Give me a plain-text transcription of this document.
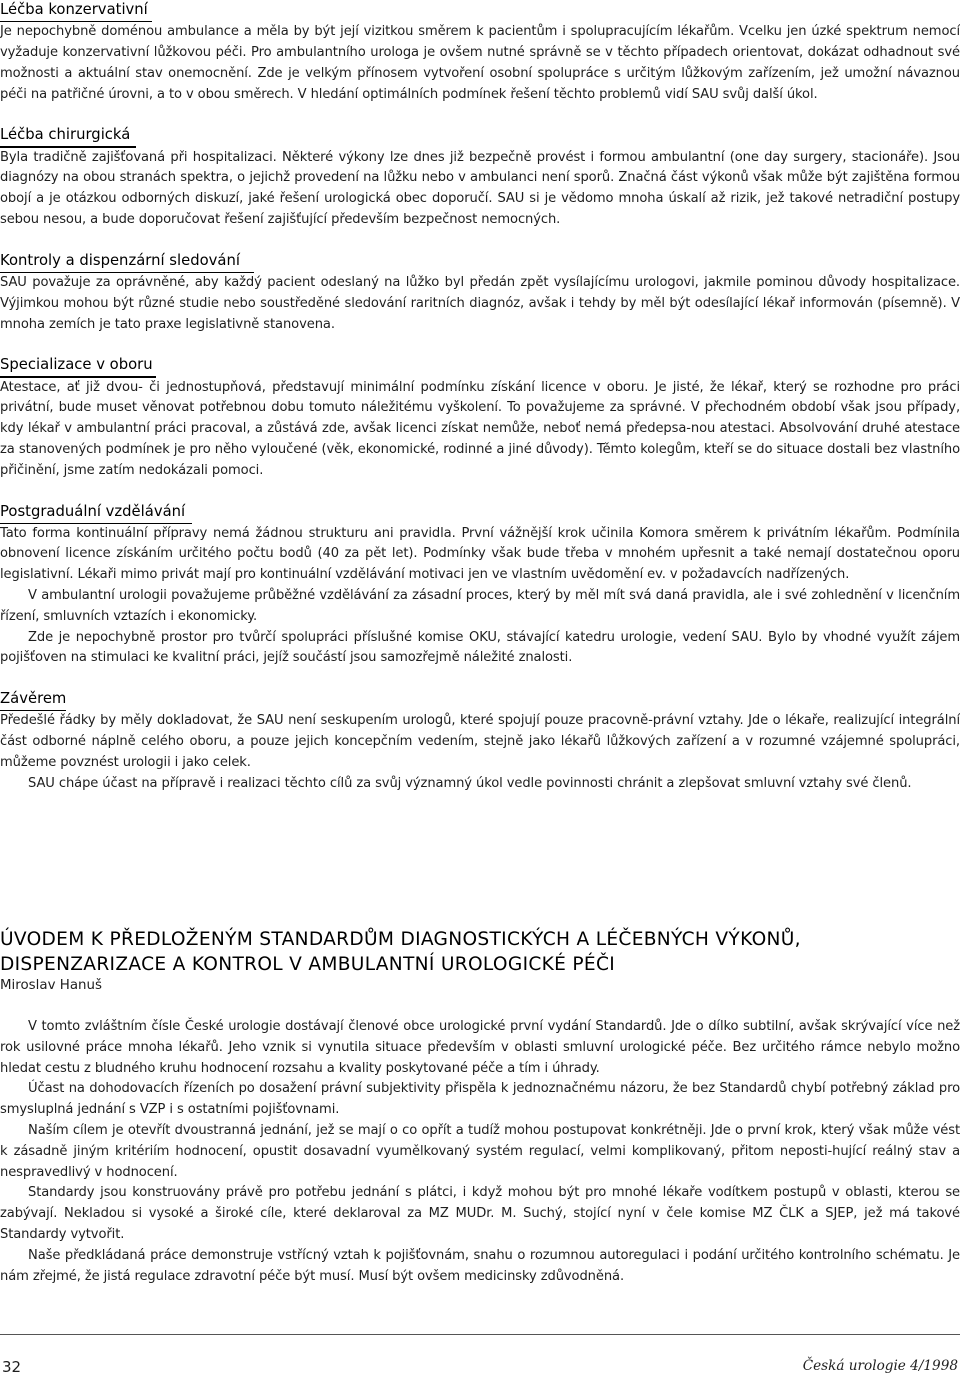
Léčba konzervativní

Je nepochybně doménou ambulance a měla by být její vizitkou směrem k pacientům i spolupracujícím lékařům. Vcelku jen úzké spektrum nemocí vyžaduje konzervativní lůžkovou péči. Pro ambulantního urologa je ovšem nutné správně se v těchto případech orientovat, dokázat odhadnout své možnosti a aktuální stav onemocnění. Zde je velkým přínosem vytvoření osobní spolupráce s určitým lůžkovým zařízením, jež umožní návaznou péči na patřičné úrovni, a to v obou směrech. V hledání optimálních podmínek řešení těchto problemů vidí SAU svůj další úkol.

Léčba chirurgická

Byla tradičně zajišťovaná při hospitalizaci. Některé výkony lze dnes již bezpečně provést i formou ambulantní (one day surgery, stacionáře). Jsou diagnózy na obou stranách spektra, o jejichž provedení na lůžku nebo v ambulanci není sporů. Značná část výkonů však může být zajištěna formou obojí a je otázkou odborných diskuzí, jaké řešení urologická obec doporučí. SAU si je vědomo mnoha úskalí až rizik, jež takové netradiční postupy sebou nesou, a bude doporučovat řešení zajišťující především bezpečnost nemocných.

Kontroly a dispenzární sledování

SAU považuje za oprávněné, aby každý pacient odeslaný na lůžko byl předán zpět vysílajícímu urologovi, jakmile pominou důvody hospitalizace. Výjimkou mohou být různé studie nebo soustředěné sledování raritních diagnóz, avšak i tehdy by měl být odesílající lékař informován (písemně). V mnoha zemích je tato praxe legislativně stanovena.

Specializace v oboru

Atestace, ať již dvou- či jednostupňová, představují minimální podmínku získání licence v oboru. Je jisté, že lékař, který se rozhodne pro práci privátní, bude muset věnovat potřebnou dobu tomuto náležitému vyškolení. To považujeme za správné. V přechodném období však jsou případy, kdy lékař v ambulantní práci pracoval, a zůstává zde, avšak licenci získat nemůže, neboť nemá předepsa-nou atestaci. Absolvování druhé atestace za stanovených podmínek je pro něho vyloučené (věk, ekonomické, rodinné a jiné důvody). Těmto kolegům, kteří se do situace dostali bez vlastního přičinění, jsme zatím nedokázali pomoci.

Postgraduální vzdělávání

Tato forma kontinuální přípravy nemá žádnou strukturu ani pravidla. První vážnější krok učinila Komora směrem k privátním lékařům. Podmínila obnovení licence získáním určitého počtu bodů (40 za pět let). Podmínky však bude třeba v mnohém upřesnit a také nemají dostatečnou oporu legislativní. Lékaři mimo privát mají pro kontinuální vzdělávání motivaci jen ve vlastním uvědomění ev. v požadavcích nadřízených.

V ambulantní urologii považujeme průběžné vzdělávání za zásadní proces, který by měl mít svá daná pravidla, ale i své zohlednění v licenčním řízení, smluvních vztazích i ekonomicky.

Zde je nepochybně prostor pro tvůrčí spolupráci příslušné komise OKU, stávající katedru urologie, vedení SAU. Bylo by vhodné využít zájem pojišťoven na stimulaci ke kvalitní práci, jejíž součástí jsou samozřejmě náležité znalosti.

Závěrem

Předešlé řádky by měly dokladovat, že SAU není seskupením urologů, které spojují pouze pracovně-právní vztahy. Jde o lékaře, realizující integrální část odborné náplně celého oboru, a pouze jejich koncepčním vedením, stejně jako lékařů lůžkových zařízení a v rozumné vzájemné spolupráci, můžeme povznést urologii i jako celek.

SAU chápe účast na přípravě i realizaci těchto cílů za svůj významný úkol vedle povinnosti chránit a zlepšovat smluvní vztahy své členů.

ÚVODEM K PŘEDLOŽENÝM STANDARDŮM DIAGNOSTICKÝCH A LÉČEBNÝCH VÝKONŮ,
DISPENZARIZACE A KONTROL V AMBULANTNÍ UROLOGICKÉ PÉČI
Miroslav Hanuš

V tomto zvláštním čísle České urologie dostávají členové obce urologické první vydání Standardů. Jde o dílko subtilní, avšak skrývající více než rok usilovné práce mnoha lékařů. Jeho vznik si vynutila situace především v oblasti smluvní urologické péče. Bez určitého rámce nebylo možno hledat cestu z bludného kruhu hodnocení rozsahu a kvality poskytované péče a tím i úhrady.

Účast na dohodovacích řízeních po dosažení právní subjektivity přispěla k jednoznačnému názoru, že bez Standardů chybí potřebný základ pro smysluplná jednání s VZP i s ostatními pojišťovnami.

Naším cílem je otevřít dvoustranná jednání, jež se mají o co opřít a tudíž mohou postupovat konkrétněji. Jde o první krok, který však může vést k zásadně jiným kritériím hodnocení, opustit dosavadní vyumělkovaný systém regulací, velmi komplikovaný, přitom neposti-hující reálný stav a nespravedlivý v hodnocení.

Standardy jsou konstruovány právě pro potřebu jednání s plátci, i když mohou být pro mnohé lékaře vodítkem postupů v oblasti, kterou se zabývají. Nekladou si vysoké a široké cíle, které deklaroval za MZ MUDr. M. Suchý, stojící nyní v čele komise MZ ČLK a SJEP, jež má takové Standardy vytvořit.

Naše předkládaná práce demonstruje vstřícný vztah k pojišťovnám, snahu o rozumnou autoregulaci i podání určitého kontrolního schématu. Je nám zřejmé, že jistá regulace zdravotní péče být musí. Musí být ovšem medicinsky zdůvodněná.

32	Česká urologie 4/1998
